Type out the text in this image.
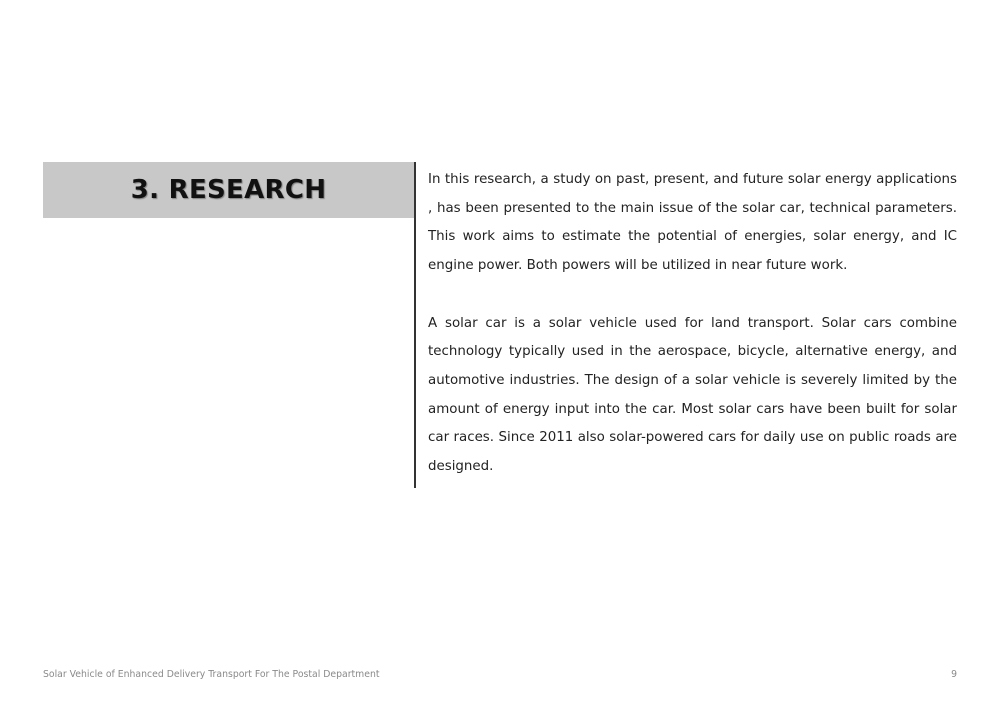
3. RESEARCH	In this research, a study on past, present, and future solar energy applications , has been presented to the main issue of the solar car, technical parameters. This work aims to estimate the potential of energies, solar energy, and IC engine power. Both powers will be utilized in near future work.

A solar car is a solar vehicle used for land transport. Solar cars combine technology typically used in the aerospace, bicycle, alternative energy, and automotive industries. The design of a solar vehicle is severely limited by the amount of energy input into the car. Most solar cars have been built for solar car races. Since 2011 also solar-powered cars for daily use on public roads are designed.

Solar Vehicle of Enhanced Delivery Transport For The Postal Department	9
